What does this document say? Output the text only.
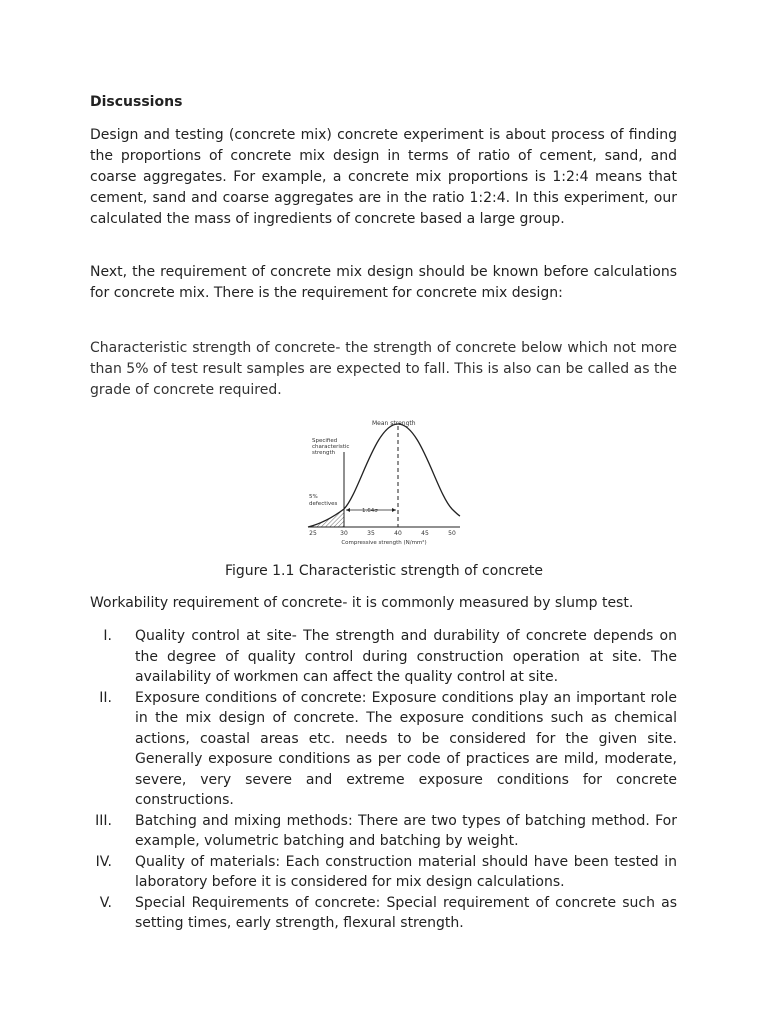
Discussions

Design and testing (concrete mix) concrete experiment is about process of finding the proportions of concrete mix design in terms of ratio of cement, sand, and coarse aggregates. For example, a concrete mix proportions is 1:2:4 means that cement, sand and coarse aggregates are in the ratio 1:2:4. In this experiment, our calculated the mass of ingredients of concrete based a large group.

Next, the requirement of concrete mix design should be known before calculations for concrete mix. There is the requirement for concrete mix design:

Characteristic strength of concrete- the strength of concrete below which not more than 5% of test result samples are expected to fall. This is also can be called as the grade of concrete required.

Mean strength
Specified
characteristic
strength
5%
defectives
1.64σ
25	30	35	40	45	50
Compressive strength (N/mm²)
Figure 1.1 Characteristic strength of concrete

Workability requirement of concrete- it is commonly measured by slump test.

I. Quality control at site- The strength and durability of concrete depends on the degree of quality control during construction operation at site. The availability of workmen can affect the quality control at site.
II. Exposure conditions of concrete: Exposure conditions play an important role in the mix design of concrete. The exposure conditions such as chemical actions, coastal areas etc. needs to be considered for the given site. Generally exposure conditions as per code of practices are mild, moderate, severe, very severe and extreme exposure conditions for concrete constructions.
III. Batching and mixing methods: There are two types of batching method. For example, volumetric batching and batching by weight.
IV. Quality of materials: Each construction material should have been tested in laboratory before it is considered for mix design calculations.
V. Special Requirements of concrete: Special requirement of concrete such as setting times, early strength, flexural strength.
